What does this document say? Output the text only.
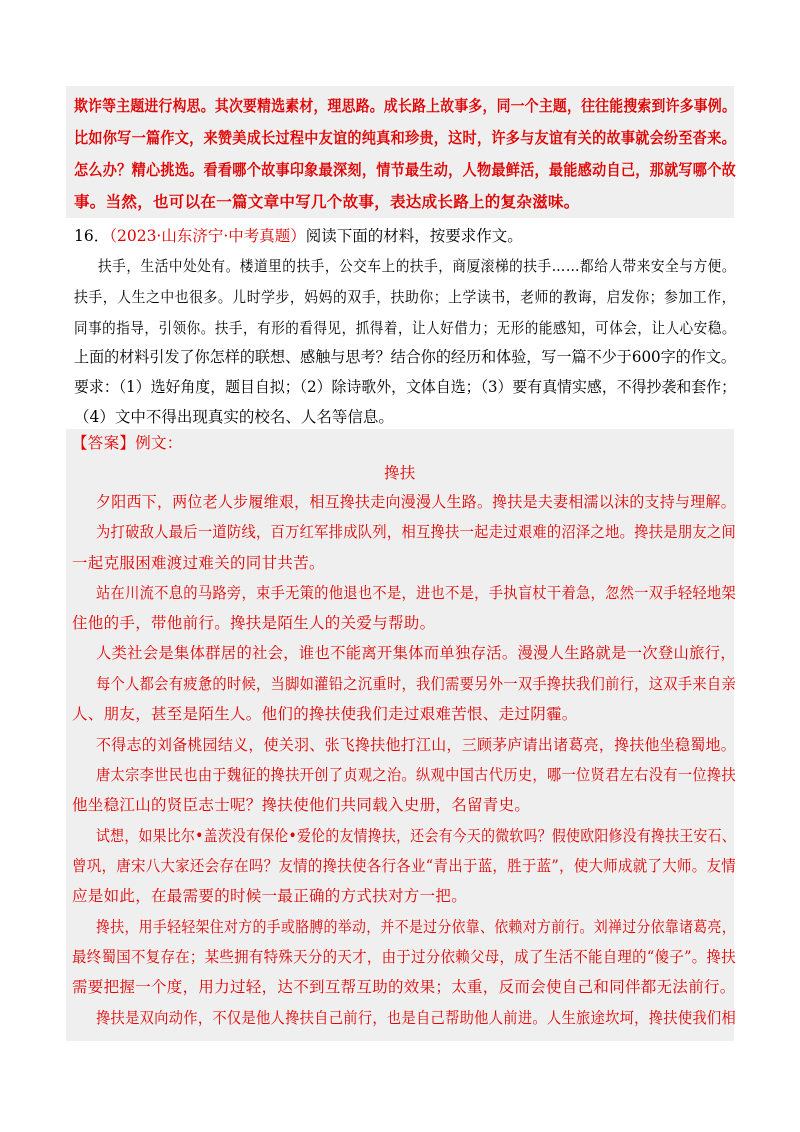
欺诈等主题进行构思。其次要精选素材，理思路。成长路上故事多，同一个主题，往往能搜索到许多事例。

比如你写一篇作文，来赞美成长过程中友谊的纯真和珍贵，这时，许多与友谊有关的故事就会纷至沓来。

怎么办？精心挑选。看看哪个故事印象最深刻，情节最生动，人物最鲜活，最能感动自己，那就写哪个故

事。当然，也可以在一篇文章中写几个故事，表达成长路上的复杂滋味。

16．（2023·山东济宁·中考真题）阅读下面的材料，按要求作文。

扶手，生活中处处有。楼道里的扶手，公交车上的扶手，商厦滚梯的扶手……都给人带来安全与方便。

扶手，人生之中也很多。儿时学步，妈妈的双手，扶助你；上学读书，老师的教诲，启发你；参加工作，

同事的指导，引领你。扶手，有形的看得见，抓得着，让人好借力；无形的能感知，可体会，让人心安稳。

上面的材料引发了你怎样的联想、感触与思考？结合你的经历和体验，写一篇不少于600字的作文。

要求：（1）选好角度，题目自拟；（2）除诗歌外，文体自选；（3）要有真情实感，不得抄袭和套作；

（4）文中不得出现真实的校名、人名等信息。

【答案】例文：

搀扶

夕阳西下，两位老人步履维艰，相互搀扶走向漫漫人生路。搀扶是夫妻相濡以沫的支持与理解。

为打破敌人最后一道防线，百万红军排成队列，相互搀扶一起走过艰难的沼泽之地。搀扶是朋友之间

一起克服困难渡过难关的同甘共苦。

站在川流不息的马路旁，束手无策的他退也不是，进也不是，手执盲杖干着急，忽然一双手轻轻地架

住他的手，带他前行。搀扶是陌生人的关爱与帮助。

人类社会是集体群居的社会，谁也不能离开集体而单独存活。漫漫人生路就是一次登山旅行，

每个人都会有疲惫的时候，当脚如灌铅之沉重时，我们需要另外一双手搀扶我们前行，这双手来自亲

人、朋友，甚至是陌生人。他们的搀扶使我们走过艰难苦恨、走过阴霾。

不得志的刘备桃园结义，使关羽、张飞搀扶他打江山，三顾茅庐请出诸葛亮，搀扶他坐稳蜀地。

唐太宗李世民也由于魏征的搀扶开创了贞观之治。纵观中国古代历史，哪一位贤君左右没有一位搀扶

他坐稳江山的贤臣志士呢？搀扶使他们共同载入史册，名留青史。

试想，如果比尔•盖茨没有保伦•爱伦的友情搀扶，还会有今天的微软吗？假使欧阳修没有搀扶王安石、

曾巩，唐宋八大家还会存在吗？友情的搀扶使各行各业“青出于蓝，胜于蓝”，使大师成就了大师。友情

应是如此，在最需要的时候一最正确的方式扶对方一把。

搀扶，用手轻轻架住对方的手或胳膊的举动，并不是过分依靠、依赖对方前行。刘禅过分依靠诸葛亮，

最终蜀国不复存在；某些拥有特殊天分的天才，由于过分依赖父母，成了生活不能自理的“傻子”。搀扶

需要把握一个度，用力过轻，达不到互帮互助的效果；太重，反而会使自己和同伴都无法前行。

搀扶是双向动作，不仅是他人搀扶自己前行，也是自己帮助他人前进。人生旅途坎坷，搀扶使我们相
